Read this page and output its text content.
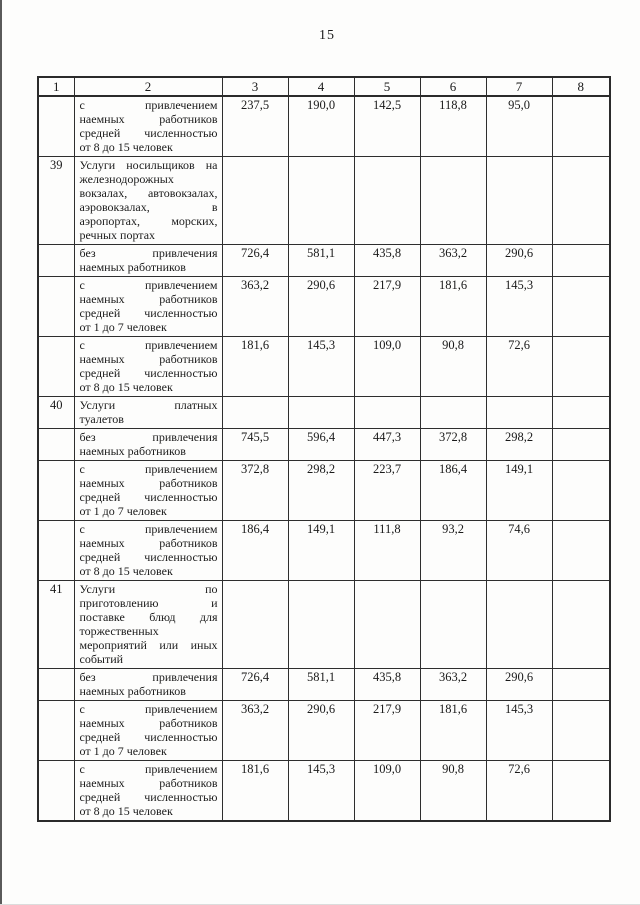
15
1	2	3	4	5	6	7	8

	с привлечением
наемных работников
средней численностью
от 8 до 15 человек	237,5	190,0	142,5	118,8	95,0	
39	Услуги носильщиков на
железнодорожных
вокзалах, автовокзалах,
аэровокзалах, в
аэропортах, морских,
речных портах

	без привлечения
наемных работников	726,4	581,1	435,8	363,2	290,6	

	с привлечением
наемных работников
средней численностью
от 1 до 7 человек	363,2	290,6	217,9	181,6	145,3	

	с привлечением
наемных работников
средней численностью
от 8 до 15 человек	181,6	145,3	109,0	90,8	72,6	
40	Услуги платных
туалетов						

	без привлечения
наемных работников	745,5	596,4	447,3	372,8	298,2	

	с привлечением
наемных работников
средней численностью
от 1 до 7 человек	372,8	298,2	223,7	186,4	149,1	

	с привлечением
наемных работников
средней численностью
от 8 до 15 человек	186,4	149,1	111,8	93,2	74,6	
41	Услуги по
приготовлению и
поставке блюд для
торжественных
мероприятий или иных
событий

	без привлечения
наемных работников	726,4	581,1	435,8	363,2	290,6	

	с привлечением
наемных работников
средней численностью
от 1 до 7 человек	363,2	290,6	217,9	181,6	145,3	

	с привлечением
наемных работников
средней численностью
от 8 до 15 человек	181,6	145,3	109,0	90,8	72,6	
